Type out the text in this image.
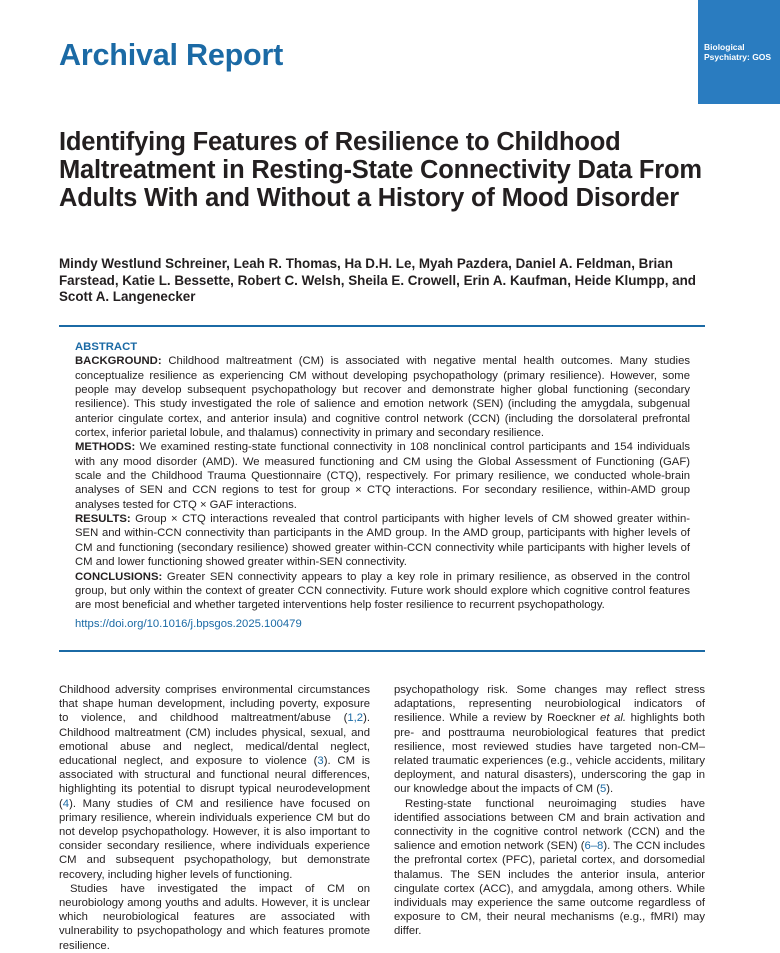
Archival Report	Biological Psychiatry: GOS
Identifying Features of Resilience to Childhood Maltreatment in Resting-State Connectivity Data From Adults With and Without a History of Mood Disorder
Mindy Westlund Schreiner, Leah R. Thomas, Ha D.H. Le, Myah Pazdera, Daniel A. Feldman, Brian Farstead, Katie L. Bessette, Robert C. Welsh, Sheila E. Crowell, Erin A. Kaufman, Heide Klumpp, and Scott A. Langenecker
ABSTRACT

BACKGROUND: Childhood maltreatment (CM) is associated with negative mental health outcomes. Many studies conceptualize resilience as experiencing CM without developing psychopathology (primary resilience). However, some people may develop subsequent psychopathology but recover and demonstrate higher global functioning (secondary resilience). This study investigated the role of salience and emotion network (SEN) (including the amygdala, subgenual anterior cingulate cortex, and anterior insula) and cognitive control network (CCN) (including the dorsolateral prefrontal cortex, inferior parietal lobule, and thalamus) connectivity in primary and secondary resilience.

METHODS: We examined resting-state functional connectivity in 108 nonclinical control participants and 154 individuals with any mood disorder (AMD). We measured functioning and CM using the Global Assessment of Functioning (GAF) scale and the Childhood Trauma Questionnaire (CTQ), respectively. For primary resilience, we conducted whole-brain analyses of SEN and CCN regions to test for group × CTQ interactions. For secondary resilience, within-AMD group analyses tested for CTQ × GAF interactions.

RESULTS: Group × CTQ interactions revealed that control participants with higher levels of CM showed greater within-SEN and within-CCN connectivity than participants in the AMD group. In the AMD group, participants with higher levels of CM and functioning (secondary resilience) showed greater within-CCN connectivity while participants with higher levels of CM and lower functioning showed greater within-SEN connectivity.

CONCLUSIONS: Greater SEN connectivity appears to play a key role in primary resilience, as observed in the control group, but only within the context of greater CCN connectivity. Future work should explore which cognitive control features are most beneficial and whether targeted interventions help foster resilience to recurrent psychopathology.

https://doi.org/10.1016/j.bpsgos.2025.100479

Childhood adversity comprises environmental circumstances that shape human development, including poverty, exposure to violence, and childhood maltreatment/abuse (1,2). Childhood maltreatment (CM) includes physical, sexual, and emotional abuse and neglect, medical/dental neglect, educational neglect, and exposure to violence (3). CM is associated with structural and functional neural differences, highlighting its potential to disrupt typical neurodevelopment (4). Many studies of CM and resilience have focused on primary resilience, wherein individuals experience CM but do not develop psychopathology. However, it is also important to consider secondary resilience, where individuals experience CM and subsequent psychopathology, but demonstrate recovery, including higher levels of functioning.

Studies have investigated the impact of CM on neurobiology among youths and adults. However, it is unclear which neurobiological features are associated with vulnerability to psychopathology and which features promote resilience.

psychopathology risk. Some changes may reflect stress adaptations, representing neurobiological indicators of resilience. While a review by Roeckner et al. highlights both pre- and posttrauma neurobiological features that predict resilience, most reviewed studies have targeted non-CM–related traumatic experiences (e.g., vehicle accidents, military deployment, and natural disasters), underscoring the gap in our knowledge about the impacts of CM (5).

Resting-state functional neuroimaging studies have identified associations between CM and brain activation and connectivity in the cognitive control network (CCN) and the salience and emotion network (SEN) (6–8). The CCN includes the prefrontal cortex (PFC), parietal cortex, and dorsomedial thalamus. The SEN includes the anterior insula, anterior cingulate cortex (ACC), and amygdala, among others. While individuals may experience the same outcome regardless of exposure to CM, their neural mechanisms (e.g., fMRI) may differ.
